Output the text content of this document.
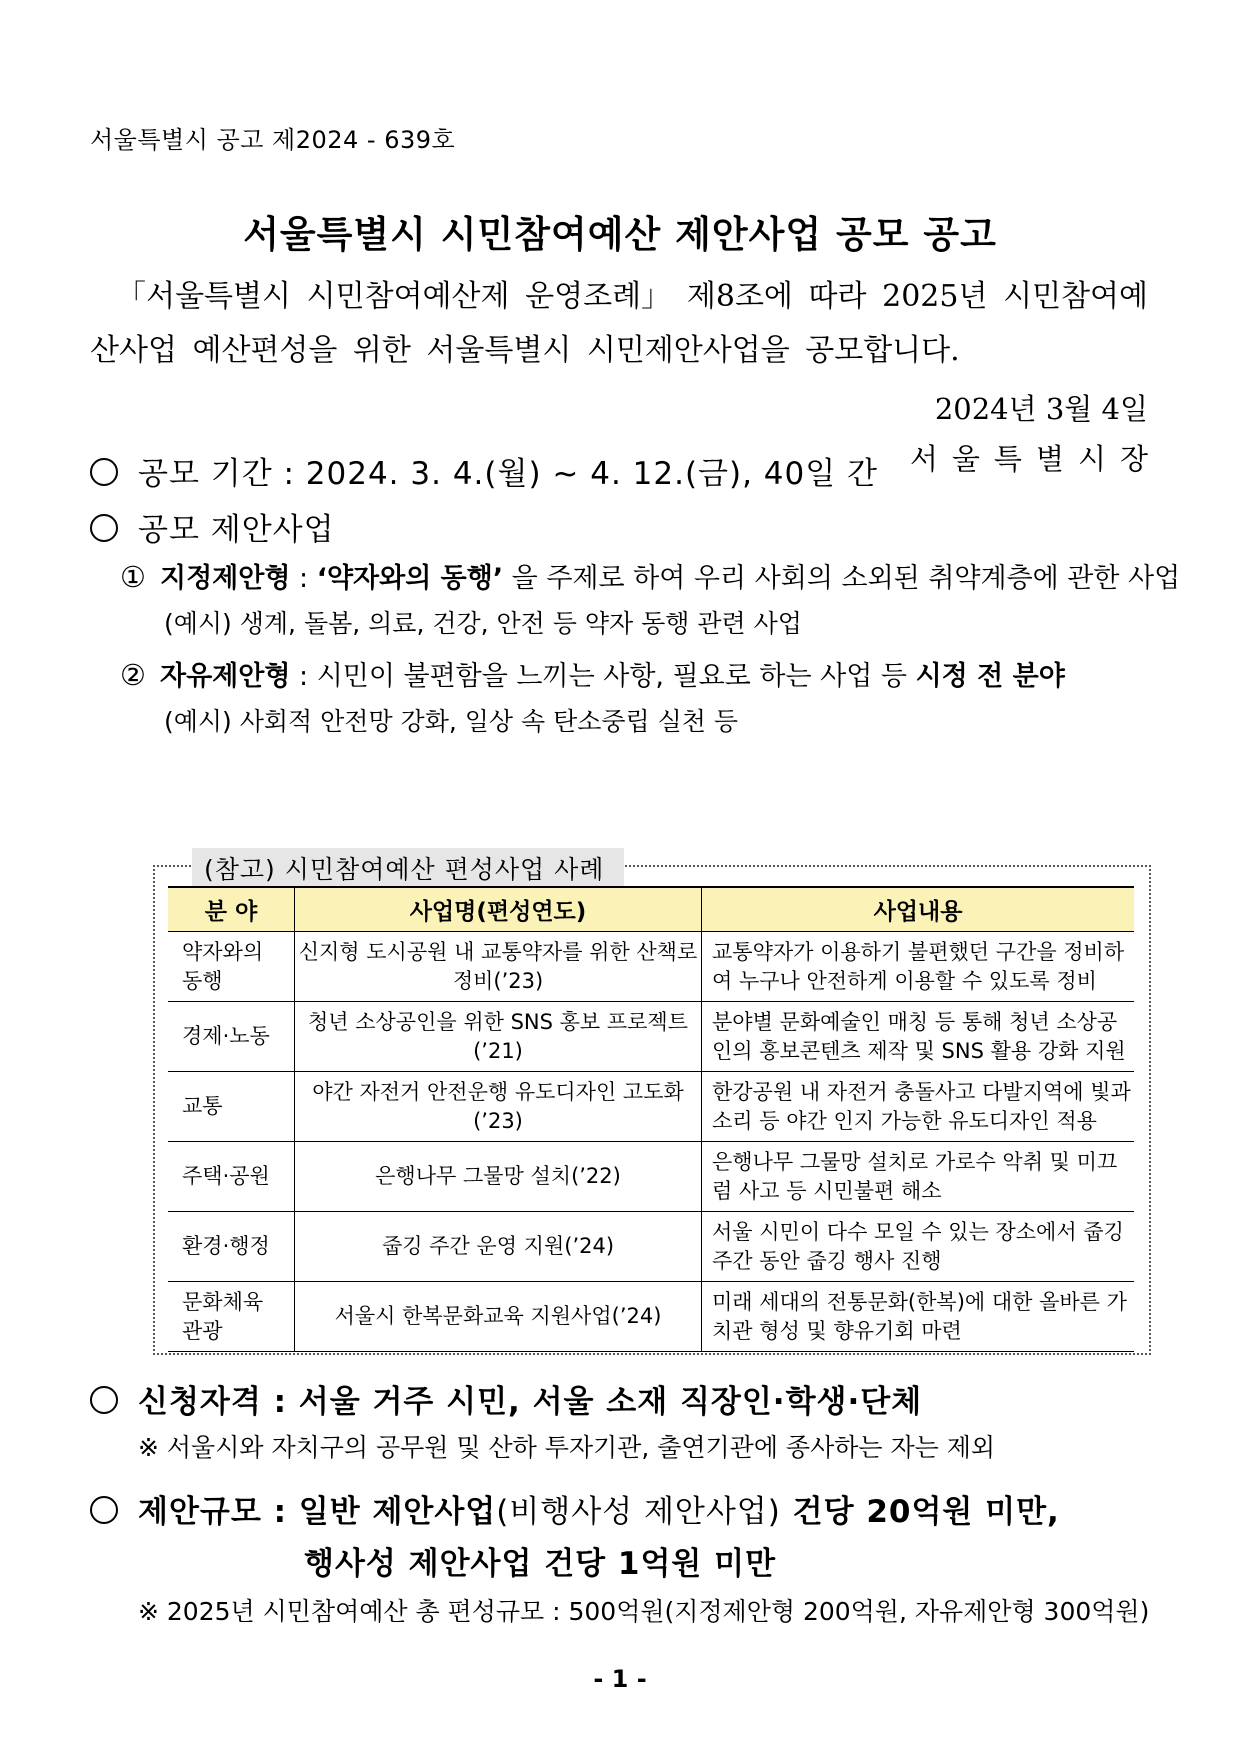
서울특별시 공고 제2024 - 639호
서울특별시 시민참여예산 제안사업 공모 공고
「서울특별시 시민참여예산제 운영조례」 제8조에 따라 2025년 시민참여예산사업 예산편성을 위한 서울특별시 시민제안사업을 공모합니다.
2024년 3월 4일
서울특별시장
공모 기간 : 2024. 3. 4.(월) ~ 4. 12.(금), 40일 간
공모 제안사업
① 지정제안형 : ‘약자와의 동행’ 을 주제로 하여 우리 사회의 소외된 취약계층에 관한 사업
(예시) 생계, 돌봄, 의료, 건강, 안전 등 약자 동행 관련 사업
② 자유제안형 : 시민이 불편함을 느끼는 사항, 필요로 하는 사업 등 시정 전 분야
(예시) 사회적 안전망 강화, 일상 속 탄소중립 실천 등
(참고) 시민참여예산 편성사업 사례
분 야	사업명(편성연도)	사업내용
약자와의 동행	신지형 도시공원 내 교통약자를 위한 산책로 정비(’23)	교통약자가 이용하기 불편했던 구간을 정비하여 누구나 안전하게 이용할 수 있도록 정비
경제·노동	청년 소상공인을 위한 SNS 홍보 프로젝트(’21)	분야별 문화예술인 매칭 등 통해 청년 소상공인의 홍보콘텐츠 제작 및 SNS 활용 강화 지원
교통	야간 자전거 안전운행 유도디자인 고도화(’23)	한강공원 내 자전거 충돌사고 다발지역에 빛과 소리 등 야간 인지 가능한 유도디자인 적용
주택·공원	은행나무 그물망 설치(’22)	은행나무 그물망 설치로 가로수 악취 및 미끄럼 사고 등 시민불편 해소
환경·행정	줍깅 주간 운영 지원(’24)	서울 시민이 다수 모일 수 있는 장소에서 줍깅 주간 동안 줍깅 행사 진행
문화체육관광	서울시 한복문화교육 지원사업(’24)	미래 세대의 전통문화(한복)에 대한 올바른 가치관 형성 및 향유기회 마련
신청자격 : 서울 거주 시민, 서울 소재 직장인·학생·단체
※ 서울시와 자치구의 공무원 및 산하 투자기관, 출연기관에 종사하는 자는 제외
제안규모 : 일반 제안사업(비행사성 제안사업) 건당 20억원 미만,
행사성 제안사업 건당 1억원 미만
※ 2025년 시민참여예산 총 편성규모 : 500억원(지정제안형 200억원, 자유제안형 300억원)
- 1 -
